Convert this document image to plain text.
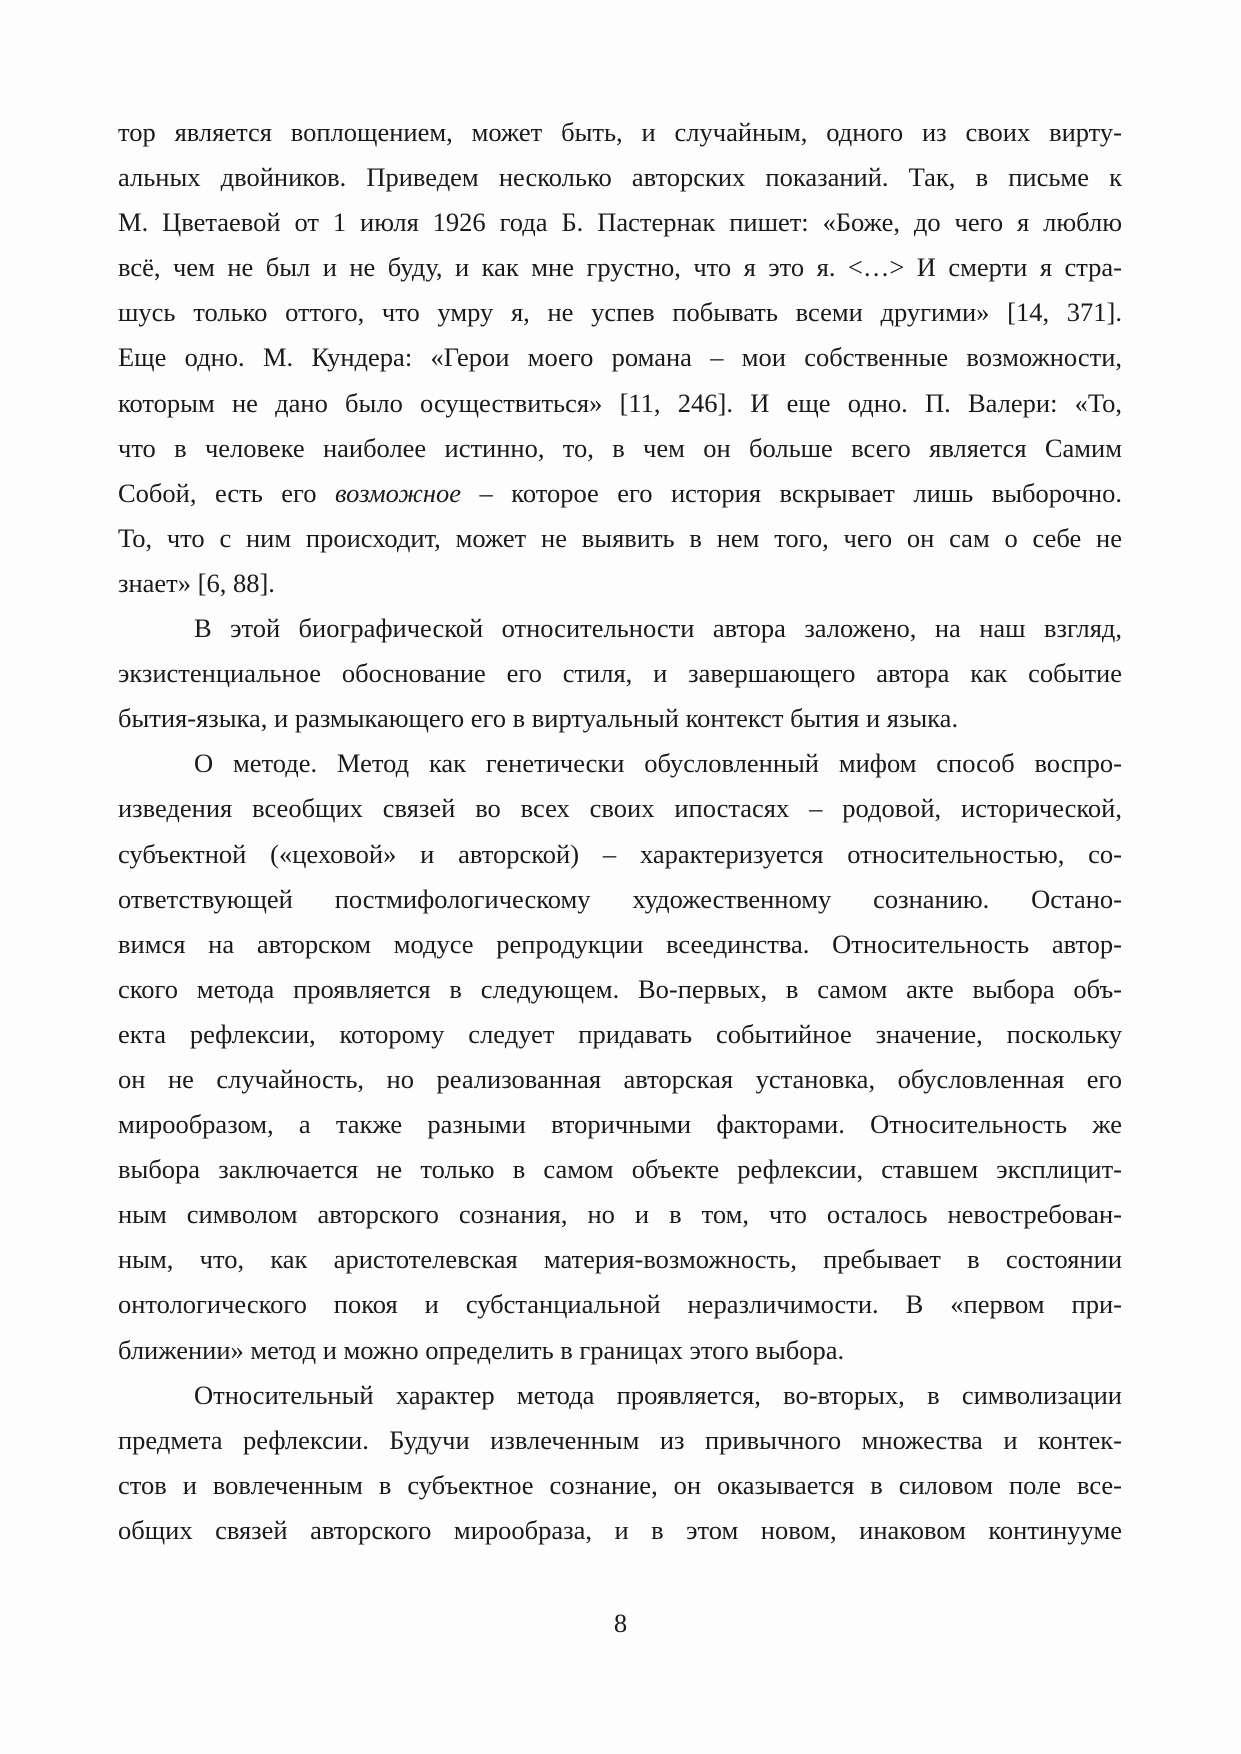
тор является воплощением, может быть, и случайным, одного из своих вирту-
альных двойников. Приведем несколько авторских показаний. Так, в письме к
М. Цветаевой от 1 июля 1926 года Б. Пастернак пишет: «Боже, до чего я люблю
всё, чем не был и не буду, и как мне грустно, что я это я. <…> И смерти я стра-
шусь только оттого, что умру я, не успев побывать всеми другими» [14, 371].
Еще одно. М. Кундера: «Герои моего романа – мои собственные возможности,
которым не дано было осуществиться» [11, 246]. И еще одно. П. Валери: «То,
что в человеке наиболее истинно, то, в чем он больше всего является Самим
Собой, есть его возможное – которое его история вскрывает лишь выборочно.
То, что с ним происходит, может не выявить в нем того, чего он сам о себе не
знает» [6, 88].
В этой биографической относительности автора заложено, на наш взгляд,
экзистенциальное обоснование его стиля, и завершающего автора как событие
бытия-языка, и размыкающего его в виртуальный контекст бытия и языка.
О методе. Метод как генетически обусловленный мифом способ воспро-
изведения всеобщих связей во всех своих ипостасях – родовой, исторической,
субъектной («цеховой» и авторской) – характеризуется относительностью, со-
ответствующей постмифологическому художественному сознанию. Остано-
вимся на авторском модусе репродукции всеединства. Относительность автор-
ского метода проявляется в следующем. Во-первых, в самом акте выбора объ-
екта рефлексии, которому следует придавать событийное значение, поскольку
он не случайность, но реализованная авторская установка, обусловленная его
мирообразом, а также разными вторичными факторами. Относительность же
выбора заключается не только в самом объекте рефлексии, ставшем эксплицит-
ным символом авторского сознания, но и в том, что осталось невостребован-
ным, что, как аристотелевская материя-возможность, пребывает в состоянии
онтологического покоя и субстанциальной неразличимости. В «первом при-
ближении» метод и можно определить в границах этого выбора.
Относительный характер метода проявляется, во-вторых, в символизации
предмета рефлексии. Будучи извлеченным из привычного множества и контек-
стов и вовлеченным в субъектное сознание, он оказывается в силовом поле все-
общих связей авторского мирообраза, и в этом новом, инаковом континууме
8
